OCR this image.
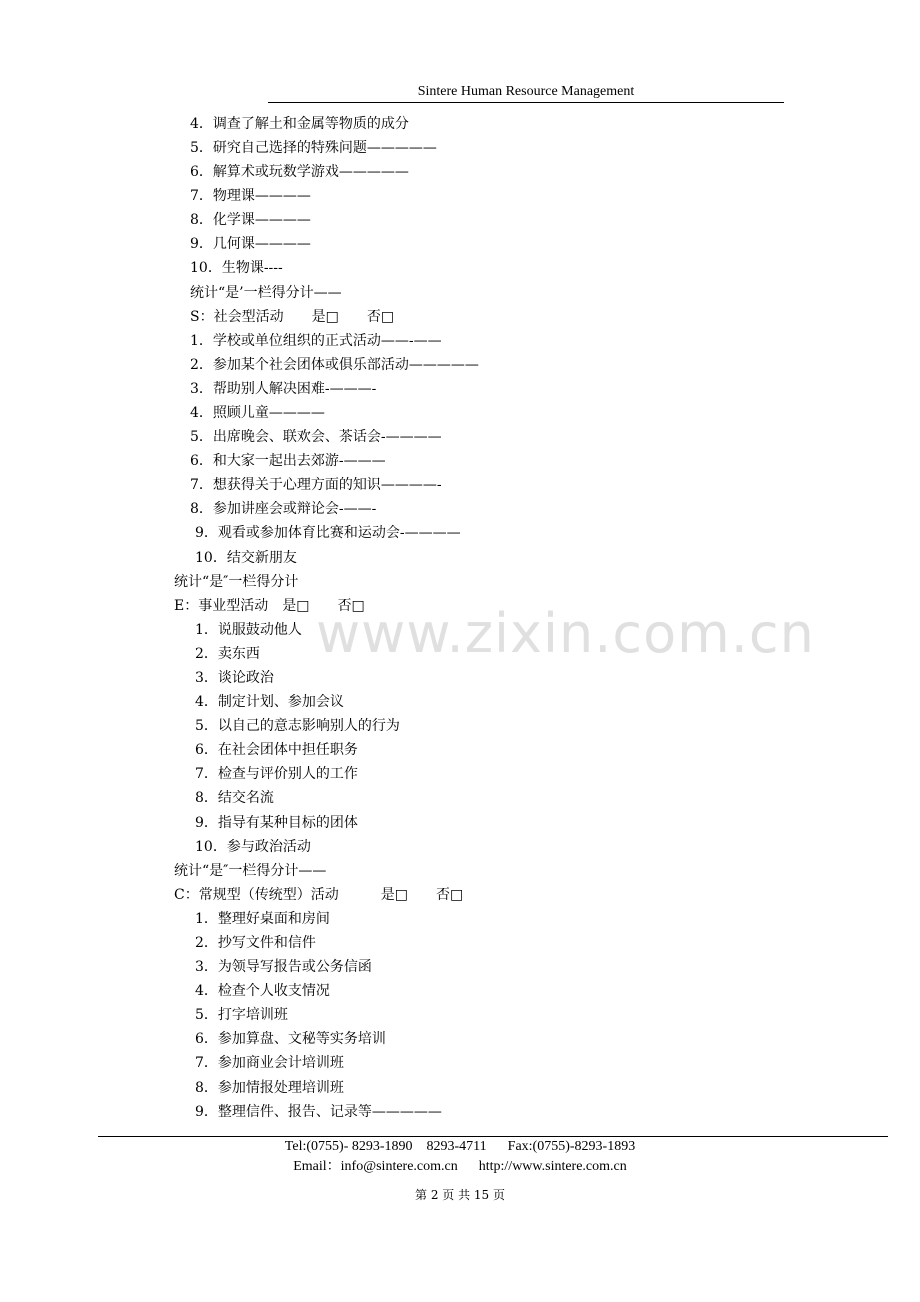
Sintere Human Resource Management
www.zixin.com.cn
4．调查了解土和金属等物质的成分
5．研究自己选择的特殊问题—————
6．解算术或玩数学游戏—————
7．物理课————
8．化学课————
9．几何课————
10．生物课----
统计“是’一栏得分计——
S：社会型活动　　是□　　否□
1．学校或单位组织的正式活动——-——
2．参加某个社会团体或俱乐部活动—————
3．帮助别人解决困难-———-
4．照顾儿童————
5．出席晚会、联欢会、茶话会-————
6．和大家一起出去郊游-———
7．想获得关于心理方面的知识————-
8．参加讲座会或辩论会-——-
9．观看或参加体育比赛和运动会-————
10．结交新朋友
统计“是″一栏得分计
E：事业型活动　是□　　否□
1．说服鼓动他人
2．卖东西
3．谈论政治
4．制定计划、参加会议
5．以自己的意志影响别人的行为
6．在社会团体中担任职务
7．检查与评价别人的工作
8．结交名流
9．指导有某种目标的团体
10．参与政治活动
统计“是″一栏得分计——
C：常规型（传统型）活动　　　是□　　否□
1．整理好桌面和房间
2．抄写文件和信件
3．为领导写报告或公务信函
4．检查个人收支情况
5．打字培训班
6．参加算盘、文秘等实务培训
7．参加商业会计培训班
8．参加情报处理培训班
9．整理信件、报告、记录等—————
Tel:(0755)- 8293-1890    8293-4711      Fax:(0755)-8293-1893
Email：info@sintere.com.cn      http://www.sintere.com.cn
第 2 页 共 15 页
